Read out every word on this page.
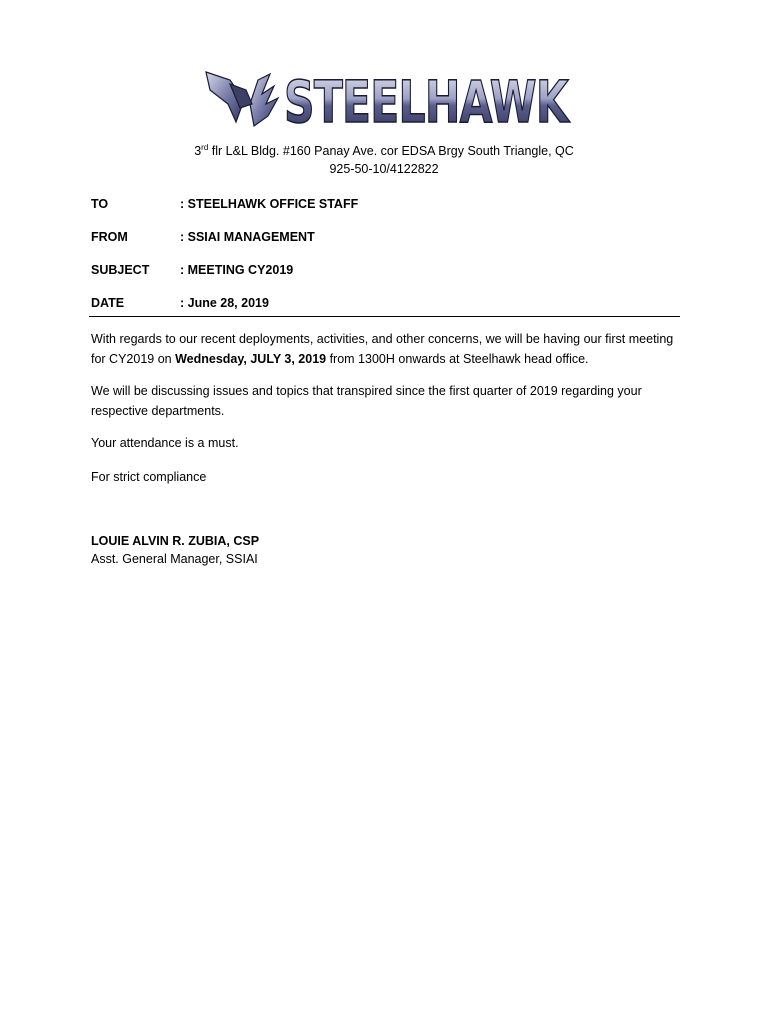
STEELHAWK
3rd flr L&L Bldg. #160 Panay Ave. cor EDSA Brgy South Triangle, QC
925-50-10/4122822
TO	: STEELHAWK OFFICE STAFF
FROM	: SSIAI MANAGEMENT
SUBJECT : MEETING CY2019
DATE	: June 28, 2019
With regards to our recent deployments, activities, and other concerns, we will be having our first meeting for CY2019 on Wednesday, JULY 3, 2019 from 1300H onwards at Steelhawk head office.
We will be discussing issues and topics that transpired since the first quarter of 2019 regarding your respective departments.
Your attendance is a must.
For strict compliance
LOUIE ALVIN R. ZUBIA, CSP
Asst. General Manager, SSIAI
